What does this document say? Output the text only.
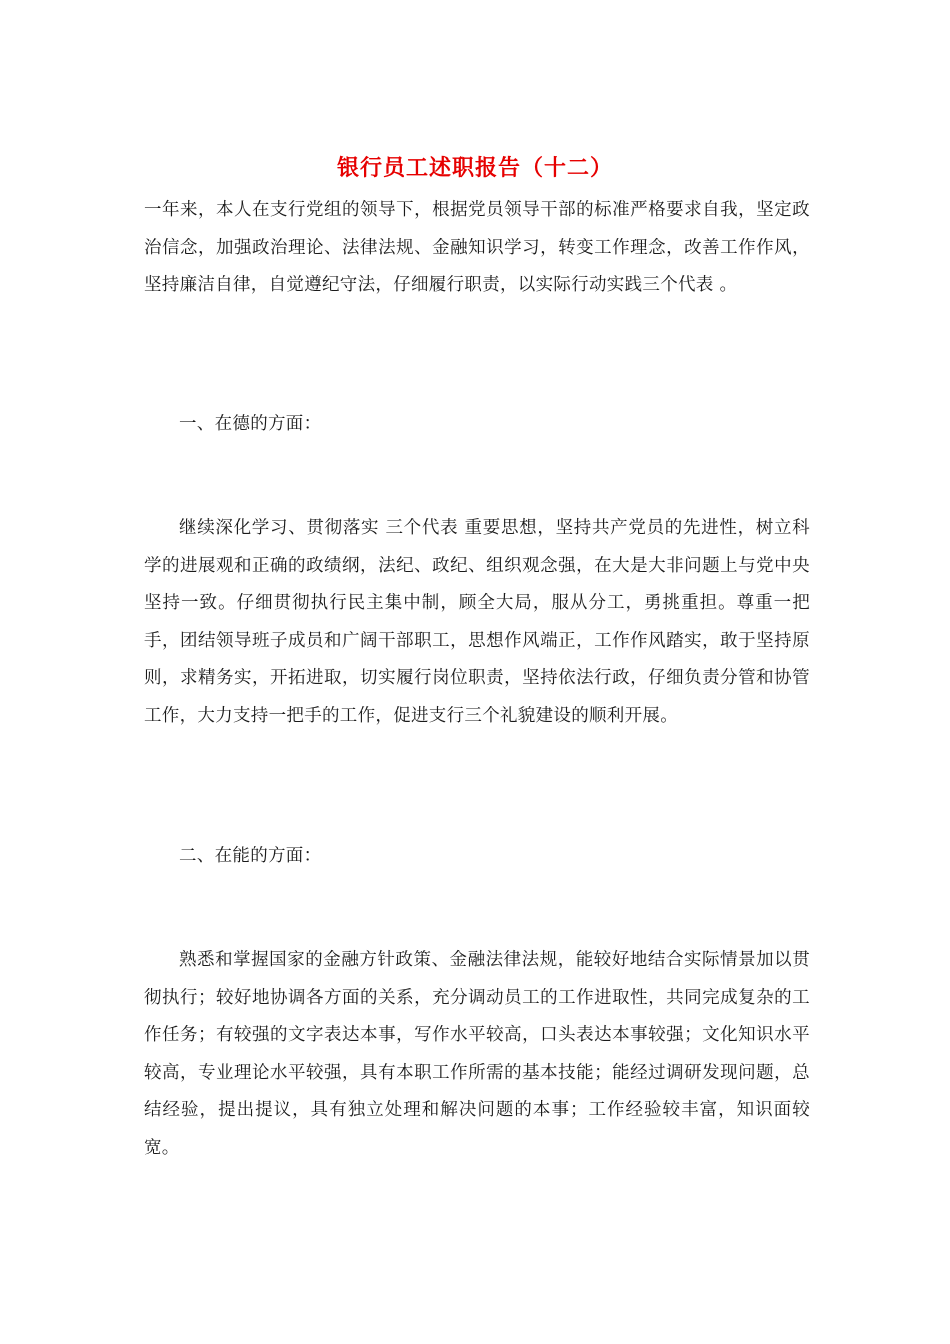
银行员工述职报告（十二）
一年来，本人在支行党组的领导下，根据党员领导干部的标准严格要求自我，坚定政治信念，加强政治理论、法律法规、金融知识学习，转变工作理念，改善工作作风，坚持廉洁自律，自觉遵纪守法，仔细履行职责，以实际行动实践三个代表 。
一、在德的方面：
继续深化学习、贯彻落实 三个代表 重要思想，坚持共产党员的先进性，树立科学的进展观和正确的政绩纲，法纪、政纪、组织观念强，在大是大非问题上与党中央坚持一致。仔细贯彻执行民主集中制，顾全大局，服从分工，勇挑重担。尊重一把手，团结领导班子成员和广阔干部职工，思想作风端正，工作作风踏实，敢于坚持原则，求精务实，开拓进取，切实履行岗位职责，坚持依法行政，仔细负责分管和协管工作，大力支持一把手的工作，促进支行三个礼貌建设的顺利开展。
二、在能的方面：
熟悉和掌握国家的金融方针政策、金融法律法规，能较好地结合实际情景加以贯彻执行；较好地协调各方面的关系，充分调动员工的工作进取性，共同完成复杂的工作任务；有较强的文字表达本事，写作水平较高，口头表达本事较强；文化知识水平较高，专业理论水平较强，具有本职工作所需的基本技能；能经过调研发现问题，总结经验，提出提议，具有独立处理和解决问题的本事；工作经验较丰富，知识面较宽。
